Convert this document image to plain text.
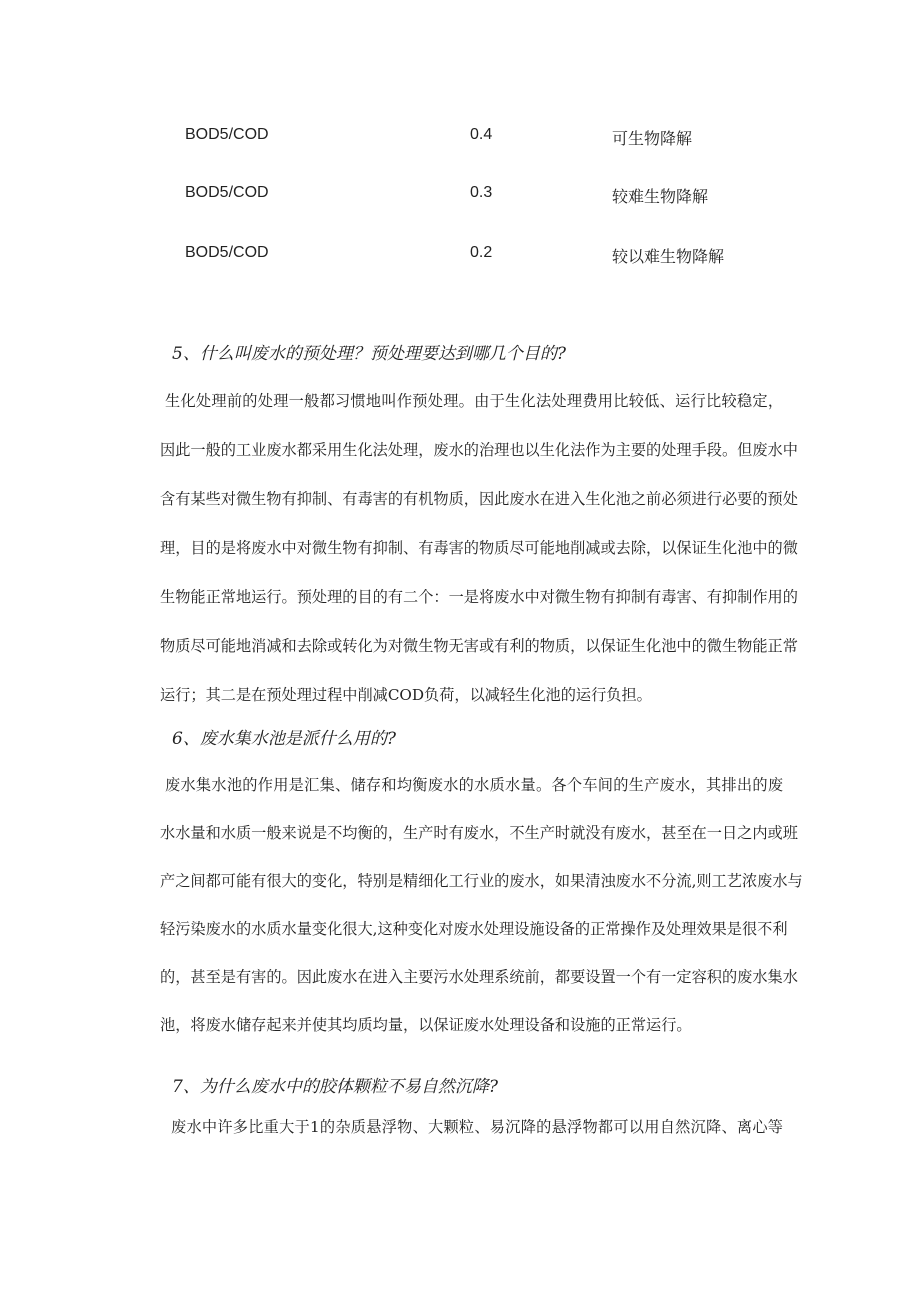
BOD5/COD	0.4	可生物降解
BOD5/COD	0.3	较难生物降解
BOD5/COD	0.2	较以难生物降解
5、什么叫废水的预处理？预处理要达到哪几个目的?
生化处理前的处理一般都习惯地叫作预处理。由于生化法处理费用比较低、运行比较稳定，
因此一般的工业废水都采用生化法处理，废水的治理也以生化法作为主要的处理手段。但废水中
含有某些对微生物有抑制、有毒害的有机物质，因此废水在进入生化池之前必须进行必要的预处
理，目的是将废水中对微生物有抑制、有毒害的物质尽可能地削减或去除，以保证生化池中的微
生物能正常地运行。预处理的目的有二个：一是将废水中对微生物有抑制有毒害、有抑制作用的
物质尽可能地消减和去除或转化为对微生物无害或有利的物质，以保证生化池中的微生物能正常
运行；其二是在预处理过程中削减COD负荷，以减轻生化池的运行负担。
6、废水集水池是派什么用的?
废水集水池的作用是汇集、储存和均衡废水的水质水量。各个车间的生产废水，其排出的废
水水量和水质一般来说是不均衡的，生产时有废水，不生产时就没有废水，甚至在一日之内或班
产之间都可能有很大的变化，特别是精细化工行业的废水，如果清浊废水不分流,则工艺浓废水与
轻污染废水的水质水量变化很大,这种变化对废水处理设施设备的正常操作及处理效果是很不利
的，甚至是有害的。因此废水在进入主要污水处理系统前，都要设置一个有一定容积的废水集水
池，将废水储存起来并使其均质均量，以保证废水处理设备和设施的正常运行。
7、为什么废水中的胶体颗粒不易自然沉降?
废水中许多比重大于1的杂质悬浮物、大颗粒、易沉降的悬浮物都可以用自然沉降、离心等
